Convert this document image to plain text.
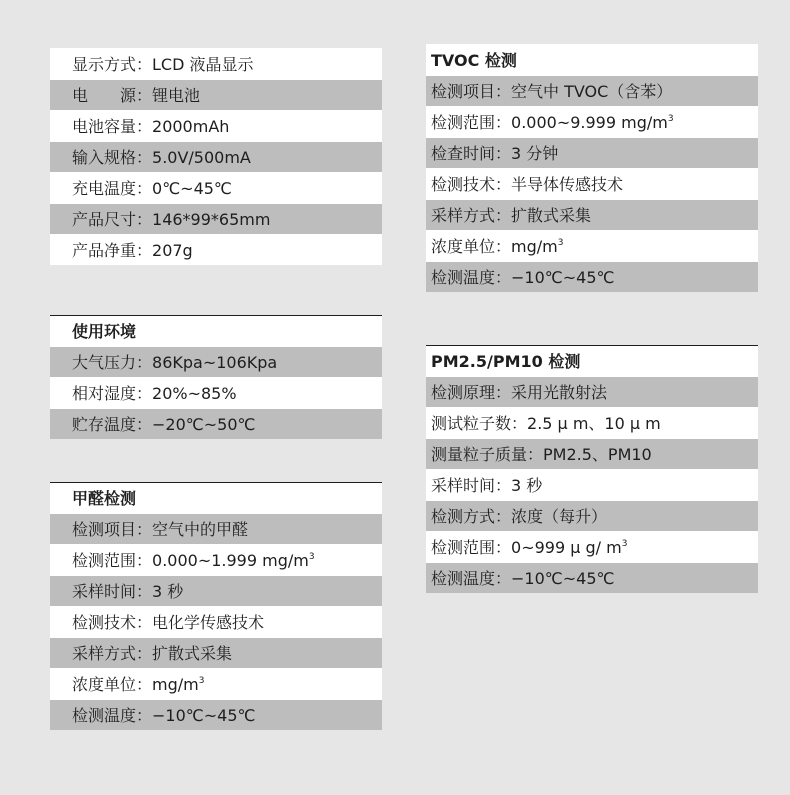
显示方式：LCD 液晶显示
电　　源：锂电池
电池容量：2000mAh
输入规格：5.0V/500mA
充电温度：0℃~45℃
产品尺寸：146*99*65mm
产品净重：207g
使用环境
大气压力：86Kpa~106Kpa
相对湿度：20%~85%
贮存温度：−20℃~50℃
甲醛检测
检测项目：空气中的甲醛
检测范围：0.000~1.999 $mg/m^3$
采样时间：3 秒
检测技术：电化学传感技术
采样方式：扩散式采集
浓度单位：$mg/m^3$
检测温度：−10℃~45℃
TVOC 检测
检测项目：空气中 TVOC（含苯）
检测范围：0.000~9.999 $mg/m^3$
检查时间：3 分钟
检测技术：半导体传感技术
采样方式：扩散式采集
浓度单位：$mg/m^3$
检测温度：−10℃~45℃
PM2.5/PM10 检测
检测原理：采用光散射法
测试粒子数：2.5 μ m、10 μ m
测量粒子质量：PM2.5、PM10
采样时间：3 秒
检测方式：浓度（每升）
检测范围：0~999 μ g/ $m^3$
检测温度：−10℃~45℃
